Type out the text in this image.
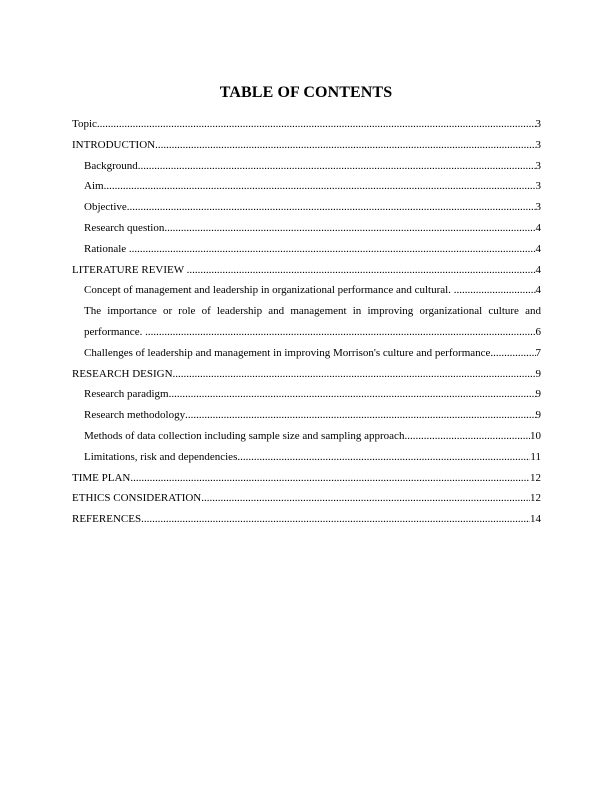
TABLE OF CONTENTS
Topic .....	3
INTRODUCTION .....	3
Background .....	3
Aim .....	3
Objective .....	3
Research question .....	4
Rationale .....	4
LITERATURE REVIEW .....	4
Concept of management and leadership in organizational performance and cultural. .....	4
The importance or role of leadership and management in improving organizational culture and
performance. .....	6
Challenges of leadership and management in improving Morrison's culture and performance .....	7
RESEARCH DESIGN .....	9
Research paradigm .....	9
Research methodology .....	9
Methods of data collection including sample size and sampling approach .....	10
Limitations, risk and dependencies .....	11
TIME PLAN .....	12
ETHICS CONSIDERATION .....	12
REFERENCES .....	14
